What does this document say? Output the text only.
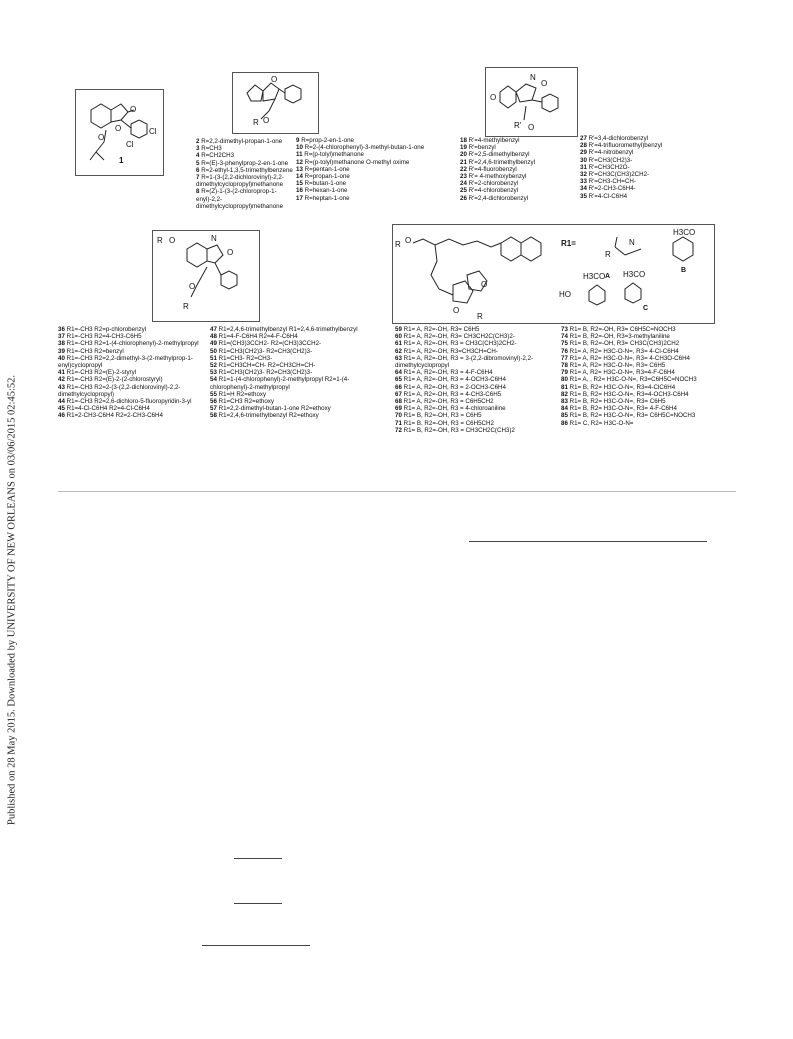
Published on 28 May 2015. Downloaded by UNIVERSITY OF NEW ORLEANS on 03/06/2015 02:45:52.
O
O
O
Cl
Cl
1
O
R O
O
N
O
R' O
R O	N
O
O
R
R O
O
O
R
R
N
H3CO
HO
H3CO H3CO
R1=
A
B
C
2 R=2,2-dimethyl-propan-1-one
3 R=CH3
4 R=CH2CH3
5 R=(E)-3-phenylprop-2-en-1-one
6 R=2-ethyl-1,3,5-trimethylbenzene
7 R=1-(3-(2,2-dichlorovinyl)-2,2-dimethylcyclopropyl)methanone
8 R=(Z)-1-(3-(2-chloroprop-1-enyl)-2,2-dimethylcyclopropyl)methanone
9 R=prop-2-en-1-one
10 R=2-(4-chlorophenyl)-3-methyl-butan-1-one
11 R=(p-tolyl)methanone
12 R=(p-tolyl)methanone O-methyl oxime
13 R=pentan-1-one
14 R=propan-1-one
15 R=butan-1-one
16 R=hexan-1-one
17 R=heptan-1-one
18 R'=4-methylbenzyl
19 R'=benzyl
20 R'=2,5-dimethylbenzyl
21 R'=2,4,6-trimethylbenzyl
22 R'=4-fluorobenzyl
23 R'= 4-methoxybenzyl
24 R'=2-chlorobenzyl
25 R'=4-chlorobenzyl
26 R'=2,4-dichlorobenzyl
27 R'=3,4-dichlorobenzyl
28 R'=4-trifluoromethyl)benzyl
29 R'=4-nitrobenzyl
30 R'=CH3(CH2)3-
31 R'=CH3CH2O-
32 R'=CH3C(CH3)2CH2-
33 R'=CH3-CH=CH-
34 R'=2-CH3-C6H4-
35 R'=4-Cl-C6H4
36 R1=-CH3 R2=p-chlorobenzyl
37 R1=-CH3 R2=4-CH3-C6H5
38 R1=-CH3 R2=1-(4-chlorophenyl)-2-methylpropyl
39 R1=-CH3 R2=benzyl
40 R1=-CH3 R2=2,2-dimethyl-3-(2-methylprop-1-enyl)cyclopropyl
41 R1=-CH3 R2=(E)-2-styryl
42 R1=-CH3 R2=(E)-2-(2-chlorostyryl)
43 R1=-CH3 R2=2-(3-(2,2-dichlorovinyl)-2,2-dimethylcyclopropyl)
44 R1=-CH3 R2=2,6-dichloro-5-fluoropyridin-3-yl
45 R1=4-Cl-C6H4 R2=4-Cl-C6H4
46 R1=2-CH3-C6H4 R2=2-CH3-C6H4
47 R1=2,4,6-trimethylbenzyl R1=2,4,6-trimethylbenzyl
48 R1=4-F-C6H4 R2=4-F-C6H4
49 R1=(CH3)3CCH2- R2=(CH3)3CCH2-
50 R1=CH3(CH2)3- R2=CH3(CH2)3-
51 R1=CH3- R2=CH3-
52 R1=CH3CH=CH- R2=CH3CH=CH-
53 R1=CH3(CH2)3- R2=CH3(CH2)3-
54 R1=1-(4-chlorophenyl)-2-methylpropyl R2=1-(4-chlorophenyl)-2-methylpropyl
55 R1=H R2=ethoxy
56 R1=CH3 R2=ethoxy
57 R1=2,2-dimethyl-butan-1-one R2=ethoxy
58 R1=2,4,6-trimethylbenzyl R2=ethoxy
59 R1= A, R2=-OH, R3= C6H5
60 R1= A, R2=-OH, R3= CH3CH2C(CH3)2-
61 R1= A, R2=-OH, R3 = CH3C(CH3)2CH2-
62 R1= A, R2=-OH, R3=CH3CH=CH-
63 R1= A, R2=-OH, R3 = 3-(2,2-dibromovinyl)-2,2-dimethylcyclopropyl
64 R1= A, R2=-OH, R3 = 4-F-C6H4
65 R1= A, R2=-OH, R3 = 4-OCH3-C6H4
66 R1= A, R2=-OH, R3 = 2-OCH3-C6H4
67 R1= A, R2=-OH, R3 = 4-CH3-C6H5
68 R1= A, R2=-OH, R3 = C6H5CH2
69 R1= A, R2=-OH, R3 = 4-chloroaniline
70 R1= B, R2=-OH, R3 = C6H5
71 R1= B, R2=-OH, R3 = C6H5CH2
72 R1= B, R2=-OH, R3 = CH3CH2C(CH3)2
73 R1= B, R2=-OH, R3= C6H5C=NOCH3
74 R1= B, R2=-OH, R3=3-methylaniline
75 R1= B, R2=-OH, R3= CH3C(CH3)2CH2
76 R1= A, R2= H3C-O-N=, R3= 4-Cl-C6H4
77 R1= A, R2= H3C-O-N=, R3= 4-CH3O-C6H4
78 R1= A, R2= H3C-O-N=, R3= C6H5
79 R1= A, R2= H3C-O-N=, R3=4-F-C6H4
80 R1= A, , R2= H3C-O-N=, R3=C6H5C=NOCH3
81 R1= B, R2= H3C-O-N=, R3=4-ClC6H4
82 R1= B, R2= H3C-O-N=, R3=4-OCH3-C6H4
83 R1= B, R2= H3C-O-N=, R3= C6H5
84 R1= B, R2= H3C-O-N=, R3= 4-F-C6H4
85 R1= B, R2= H3C-O-N=, R3= C6H5C=NOCH3
86 R1= C, R2= H3C-O-N=
